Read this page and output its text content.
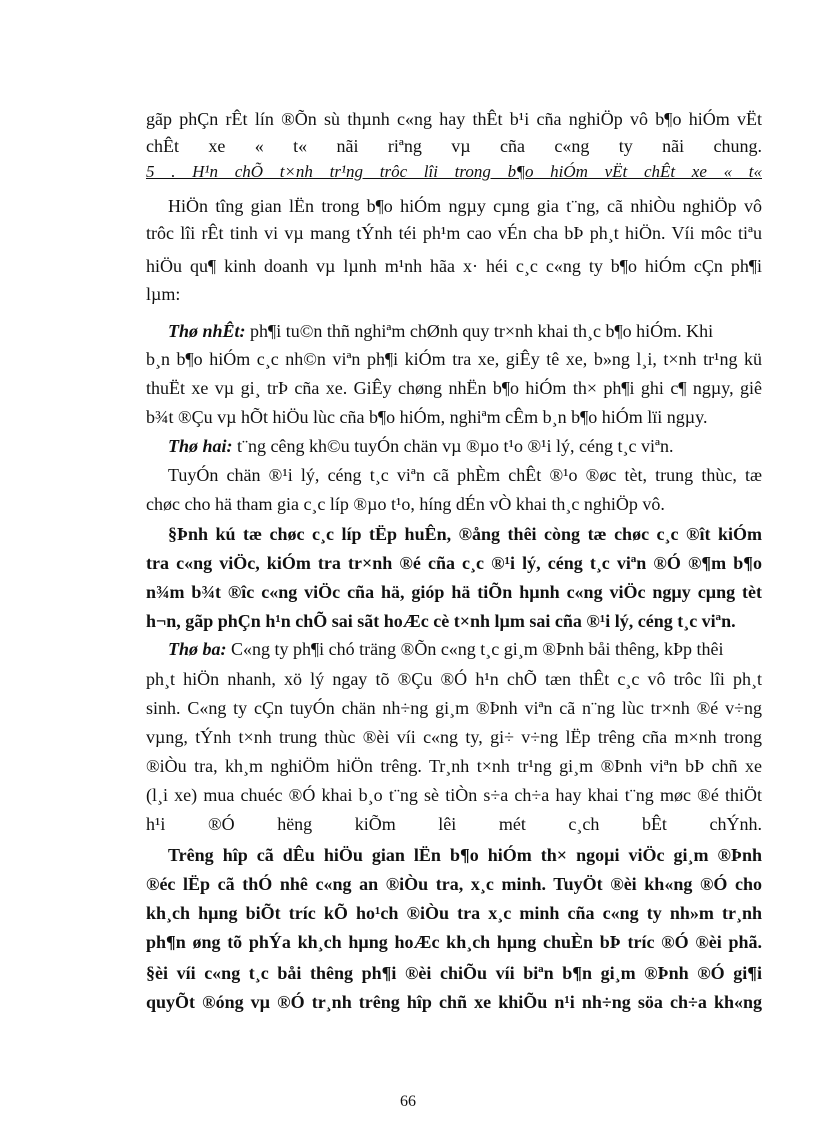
gãp phÇn rÊt lín ®Õn sù thµnh c«ng hay thÊt b¹i cña nghiÖp vô b¶o hiÓm vËt
chÊt xe « t« nãi riªng vµ cña c«ng ty nãi chung.
5 . H¹n chÕ t×nh tr¹ng trôc lîi trong b¶o hiÓm vËt chÊt xe « t«
HiÖn tîng gian lËn trong b¶o hiÓm ngµy cµng gia t¨ng, cã nhiÒu nghiÖp vô
trôc lîi rÊt tinh vi vµ mang tÝnh téi ph¹m cao vÉn cha bÞ ph¸t hiÖn. Víi môc tiªu
hiÖu qu¶ kinh doanh vµ lµnh m¹nh hãa x· héi c¸c c«ng ty b¶o hiÓm cÇn ph¶i
lµm:
Thø nhÊt: ph¶i tu©n thñ nghiªm chØnh quy tr×nh khai th¸c b¶o hiÓm. Khi
b¸n b¶o hiÓm c¸c nh©n viªn ph¶i kiÓm tra xe, giÊy tê xe, b»ng l¸i, t×nh tr¹ng kü
thuËt xe vµ gi¸ trÞ cña xe. GiÊy chøng nhËn b¶o hiÓm th× ph¶i ghi c¶ ngµy, giê
b¾t ®Çu vµ hÕt hiÖu lùc cña b¶o hiÓm, nghiªm cÊm b¸n b¶o hiÓm lïi ngµy.
Thø hai: t¨ng cêng kh©u tuyÓn chän vµ ®µo t¹o ®¹i lý, céng t¸c viªn.
TuyÓn chän ®¹i lý, céng t¸c viªn cã phÈm chÊt ®¹o ®øc tèt, trung thùc, tæ
chøc cho hä tham gia c¸c líp ®µo t¹o, híng dÉn vÒ khai th¸c nghiÖp vô.
§Þnh kú tæ chøc c¸c líp tËp huÊn, ®ång thêi còng tæ chøc c¸c ®ît kiÓm
tra c«ng viÖc, kiÓm tra tr×nh ®é cña c¸c ®¹i lý, céng t¸c viªn ®Ó ®¶m b¶o
n¾m b¾t ®îc c«ng viÖc cña hä, gióp hä tiÕn hµnh c«ng viÖc ngµy cµng tèt
h¬n, gãp phÇn h¹n chÕ sai sãt hoÆc cè t×nh lµm sai cña ®¹i lý, céng t¸c viªn.
Thø ba: C«ng ty ph¶i chó träng ®Õn c«ng t¸c gi¸m ®Þnh båi thêng, kÞp thêi
ph¸t hiÖn nhanh, xö lý ngay tõ ®Çu ®Ó h¹n chÕ tæn thÊt c¸c vô trôc lîi ph¸t
sinh. C«ng ty cÇn tuyÓn chän nh÷ng gi¸m ®Þnh viªn cã n¨ng lùc tr×nh ®é v÷ng
vµng, tÝnh t×nh trung thùc ®èi víi c«ng ty, gi÷ v÷ng lËp trêng cña m×nh trong
®iÒu tra, kh¸m nghiÖm hiÖn trêng. Tr¸nh t×nh tr¹ng gi¸m ®Þnh viªn bÞ chñ xe
(l¸i xe) mua chuéc ®Ó khai b¸o t¨ng sè tiÒn s÷a ch÷a hay khai t¨ng møc ®é thiÖt
h¹i ®Ó hëng kiÕm lêi mét c¸ch bÊt chÝnh.
Trêng hîp cã dÊu hiÖu gian lËn b¶o hiÓm th× ngoµi viÖc gi¸m ®Þnh
®éc lËp cã thÓ nhê c«ng an ®iÒu tra, x¸c minh. TuyÖt ®èi kh«ng ®Ó cho
kh¸ch hµng biÕt tríc kÕ ho¹ch ®iÒu tra x¸c minh cña c«ng ty nh»m tr¸nh
ph¶n øng tõ phÝa kh¸ch hµng hoÆc kh¸ch hµng chuÈn bÞ tríc ®Ó ®èi phã.
§èi víi c«ng t¸c båi thêng ph¶i ®èi chiÕu víi biªn b¶n gi¸m ®Þnh ®Ó gi¶i
quyÕt ®óng vµ ®Ó tr¸nh trêng hîp chñ xe khiÕu n¹i nh÷ng söa ch÷a kh«ng
66
